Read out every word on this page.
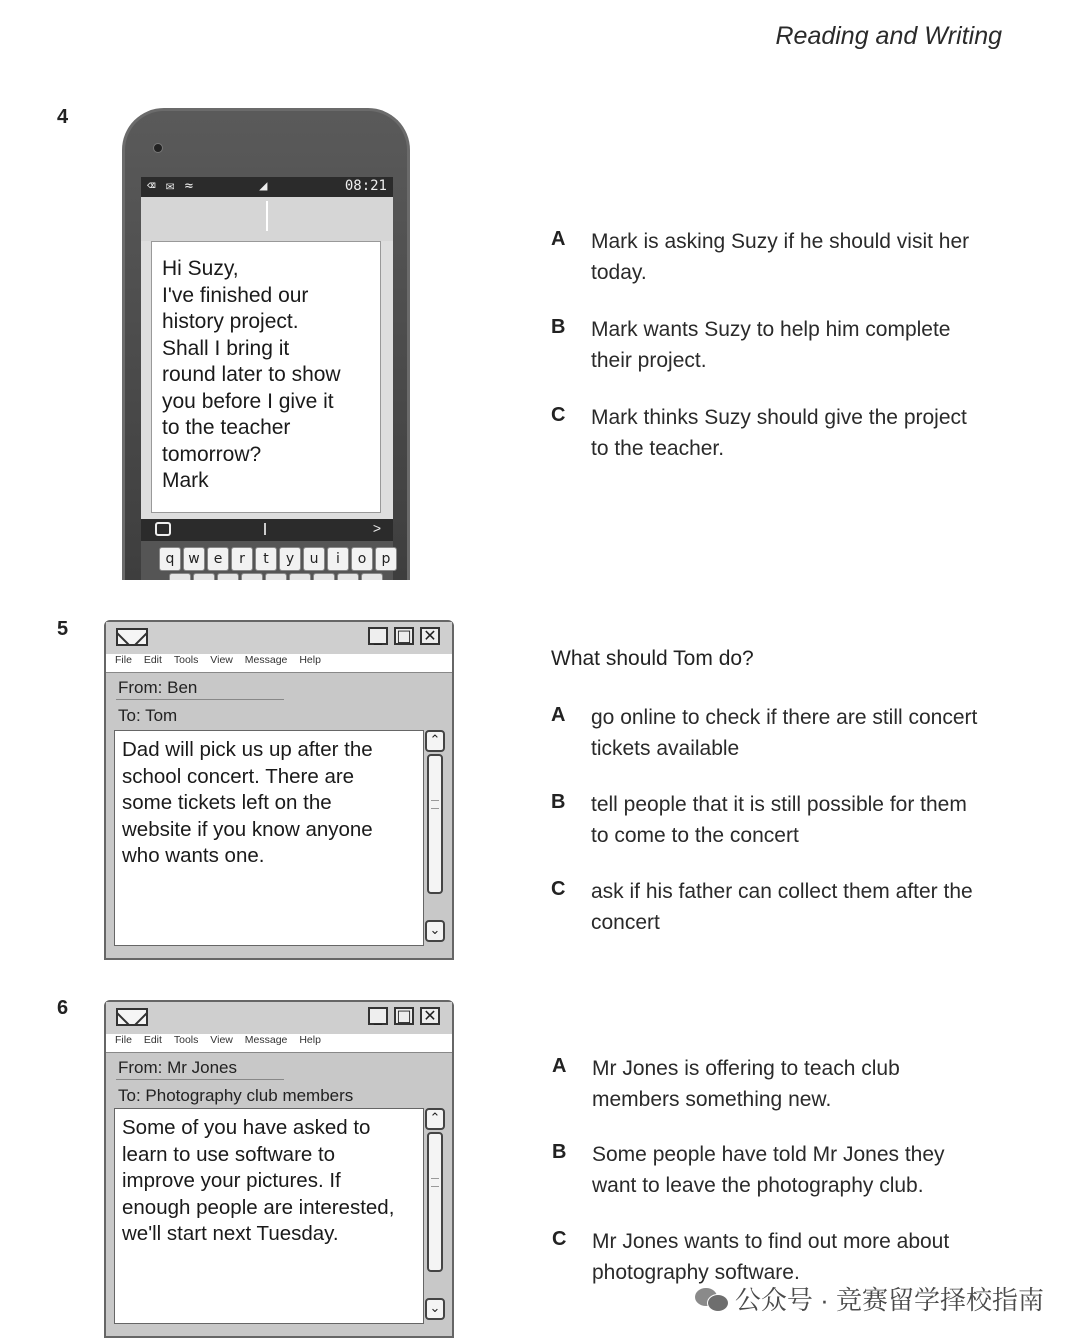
Reading and Writing
4
⌫ ✉ ≈	◢	08:21
Hi Suzy,
I've finished our
history project.
Shall I bring it
round later to show
you before I give it
to the teacher
tomorrow?
Mark
>
q w e	r	t	y	u	i	o	p
A Mark is asking Suzy if he should visit her today.
B Mark wants Suzy to help him complete their project.
C Mark thinks Suzy should give the project to the teacher.
5	_ □ ✕
File Edit Tools View Message Help
From: Ben
To: Tom
Dad will pick us up after the
school concert. There are
some tickets left on the
website if you know anyone
who wants one.
⌃
⌄
What should Tom do?
A go online to check if there are still concert tickets available
B tell people that it is still possible for them to come to the concert
C ask if his father can collect them after the concert
6	_ □ ✕
File Edit Tools View Message Help
From: Mr Jones
To: Photography club members
Some of you have asked to
learn to use software to
improve your pictures. If
enough people are interested,
we'll start next Tuesday.
⌃
⌄
A Mr Jones is offering to teach club members something new.
B Some people have told Mr Jones they want to leave the photography club.
C Mr Jones wants to find out more about photography software.
公众号 · 竞赛留学择校指南
